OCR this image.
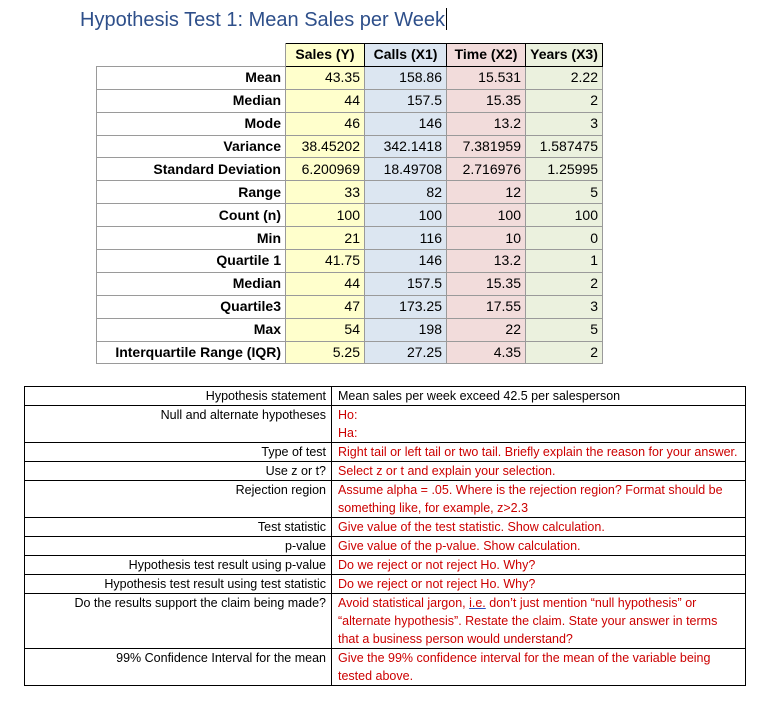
Hypothesis Test 1: Mean Sales per Week
	Sales (Y)	Calls (X1)	Time (X2)	Years (X3)
Mean	43.35	158.86	15.531	2.22
Median	44	157.5	15.35	2
Mode	46	146	13.2	3
Variance	38.45202	342.1418	7.381959	1.587475
Standard Deviation	6.200969	18.49708	2.716976	1.25995
Range	33	82	12	5
Count (n)	100	100	100	100
Min	21	116	10	0
Quartile 1	41.75	146	13.2	1
Median	44	157.5	15.35	2
Quartile3	47	173.25	17.55	3
Max	54	198	22	5
Interquartile Range (IQR)	5.25	27.25	4.35	2
Hypothesis statement	Mean sales per week exceed 42.5 per salesperson
Null and alternate hypotheses	Ho:
Ha:

Type of test	Right tail or left tail or two tail. Briefly explain the reason for your answer.
Use z or t?	Select z or t and explain your selection.
Rejection region	Assume alpha = .05. Where is the rejection region? Format should be something like, for example, z>2.3
Test statistic	Give value of the test statistic. Show calculation.
p-value	Give value of the p-value. Show calculation.
Hypothesis test result using p-value	Do we reject or not reject Ho. Why?
Hypothesis test result using test statistic	Do we reject or not reject Ho. Why?
Do the results support the claim being made?	Avoid statistical jargon, i.e. don’t just mention “null hypothesis” or “alternate hypothesis”. Restate the claim. State your answer in terms that a business person would understand?
99% Confidence Interval for the mean	Give the 99% confidence interval for the mean of the variable being tested above.
